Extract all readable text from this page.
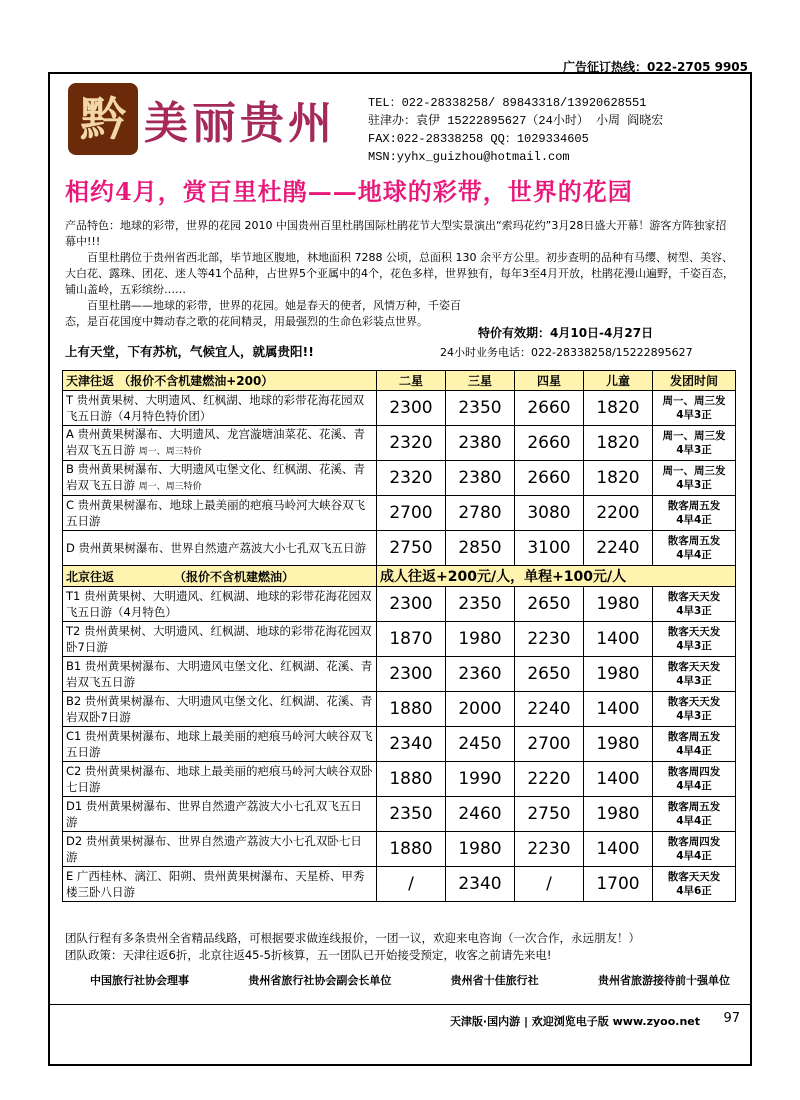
广告征订热线：022-2705 9905
黔 美丽贵州	TEL：022-28338258/ 89843318/13920628551
驻津办：袁伊 15222895627（24小时） 小周 阎晓宏
FAX:022-28338258 QQ：1029334605
MSN:yyhx_guizhou@hotmail.com
相约4月，赏百里杜鹃——地球的彩带，世界的花园

产品特色：地球的彩带，世界的花园 2010 中国贵州百里杜鹃国际杜鹃花节大型实景演出“索玛花约”3月28日盛大开幕！游客方阵独家招幕中!!!

百里杜鹃位于贵州省西北部，毕节地区腹地，林地面积 7288 公顷，总面积 130 余平方公里。初步查明的品种有马缨、树型、美容、大白花、露珠、团花、迷人等41个品种，占世界5个亚属中的4个，花色多样，世界独有，每年3至4月开放，杜鹃花漫山遍野，千姿百态，铺山盖岭，五彩缤纷……

百里杜鹃——地球的彩带，世界的花园。她是春天的使者，风情万种，千姿百态，是百花国度中舞动春之歌的花间精灵，用最强烈的生命色彩装点世界。

特价有效期：4月10日-4月27日
上有天堂，下有苏杭，气候宜人，就属贵阳!!	24小时业务电话：022-28338258/15222895627
天津往返 （报价不含机建燃油+200）	二星	三星	四星	儿童	发团时间
T 贵州黄果树、大明遗风、红枫湖、地球的彩带花海花园双飞五日游（4月特色特价团）	2300	2350	2660	1820	周一、周三发
4早3正

A 贵州黄果树瀑布、大明遗风、龙宫漩塘油菜花、花溪、青岩双飞五日游 周一、周三特价	2320	2380	2660	1820	周一、周三发
4早3正

B 贵州黄果树瀑布、大明遗风屯堡文化、红枫湖、花溪、青岩双飞五日游 周一、周三特价	2320	2380	2660	1820	周一、周三发
4早3正

C 贵州黄果树瀑布、地球上最美丽的疤痕马岭河大峡谷双飞五日游	2700	2780	3080	2200	散客周五发
4早4正

D 贵州黄果树瀑布、世界自然遗产荔波大小七孔双飞五日游	2750	2850	3100	2240	散客周五发
4早4正

北京往返 （报价不含机建燃油）	成人往返+200元/人，单程+100元/人				
T1 贵州黄果树、大明遗风、红枫湖、地球的彩带花海花园双飞五日游（4月特色）	2300	2350	2650	1980	散客天天发
4早3正

T2 贵州黄果树、大明遗风、红枫湖、地球的彩带花海花园双卧7日游	1870	1980	2230	1400	散客天天发
4早3正

B1 贵州黄果树瀑布、大明遗风屯堡文化、红枫湖、花溪、青岩双飞五日游	2300	2360	2650	1980	散客天天发
4早3正

B2 贵州黄果树瀑布、大明遗风屯堡文化、红枫湖、花溪、青岩双卧7日游	1880	2000	2240	1400	散客天天发
4早3正

C1 贵州黄果树瀑布、地球上最美丽的疤痕马岭河大峡谷双飞五日游	2340	2450	2700	1980	散客周五发
4早4正

C2 贵州黄果树瀑布、地球上最美丽的疤痕马岭河大峡谷双卧七日游	1880	1990	2220	1400	散客周四发
4早4正

D1 贵州黄果树瀑布、世界自然遗产荔波大小七孔双飞五日游	2350	2460	2750	1980	散客周五发
4早4正

D2 贵州黄果树瀑布、世界自然遗产荔波大小七孔双卧七日游	1880	1980	2230	1400	散客周四发
4早4正

E 广西桂林、漓江、阳朔、贵州黄果树瀑布、天星桥、甲秀楼三卧八日游	/	2340	/	1700	散客天天发
4早6正
团队行程有多条贵州全省精品线路，可根据要求做连线报价，一团一议，欢迎来电咨询（一次合作，永远朋友！）
团队政策：天津往返6折，北京往返45-5折核算，五一团队已开始接受预定，收客之前请先来电!
中国旅行社协会理事	贵州省旅行社协会副会长单位	贵州省十佳旅行社	贵州省旅游接待前十强单位
天津版·国内游 | 欢迎浏览电子版 www.zyoo.net 97
